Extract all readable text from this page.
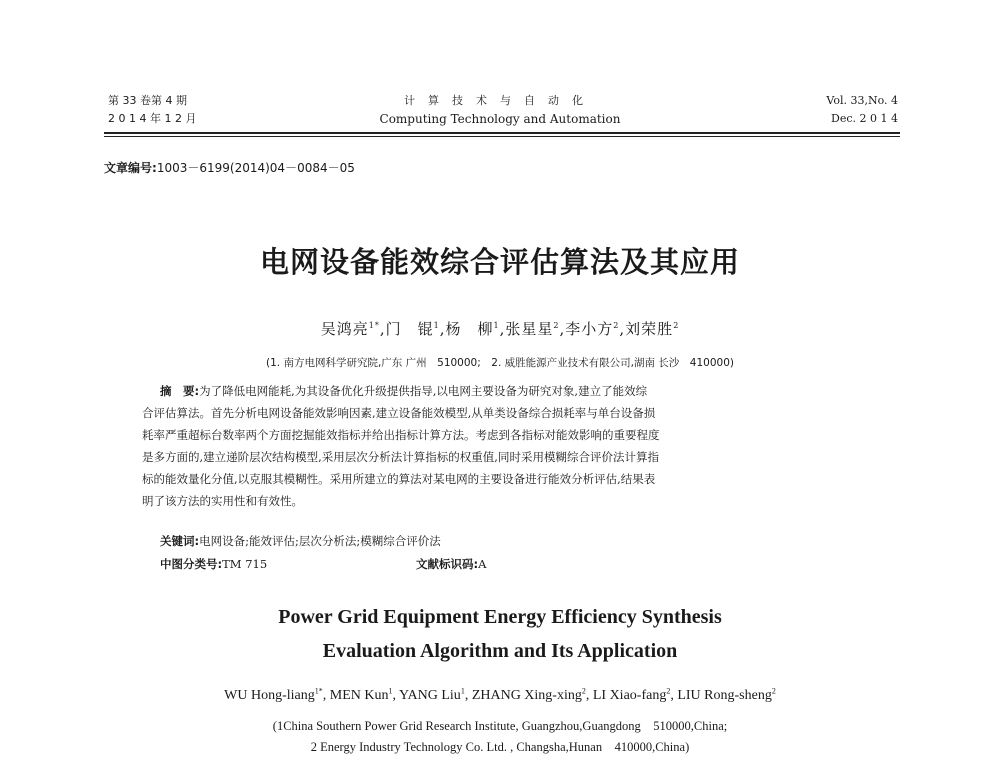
第 33 卷第 4 期
2 0 1 4 年 1 2 月
计算技术与自动化
Computing Technology and Automation
Vol. 33,No. 4
Dec. 2 0 1 4
文章编号:1003－6199(2014)04－0084－05
电网设备能效综合评估算法及其应用
吴鸿亮$^{1*}$,门　锟$^1$,杨　柳$^1$,张星星$^2$,李小方$^2$,刘荣胜$^2$
(1. 南方电网科学研究院,广东 广州　510000;　2. 威胜能源产业技术有限公司,湖南 长沙　410000)
摘　要:为了降低电网能耗,为其设备优化升级提供指导,以电网主要设备为研究对象,建立了能效综
合评估算法。首先分析电网设备能效影响因素,建立设备能效模型,从单类设备综合损耗率与单台设备损
耗率严重超标台数率两个方面挖掘能效指标并给出指标计算方法。考虑到各指标对能效影响的重要程度
是多方面的,建立递阶层次结构模型,采用层次分析法计算指标的权重值,同时采用模糊综合评价法计算指
标的能效量化分值,以克服其模糊性。采用所建立的算法对某电网的主要设备进行能效分析评估,结果表
明了该方法的实用性和有效性。
关键词:电网设备;能效评估;层次分析法;模糊综合评价法
中图分类号:TM 715	文献标识码:A
Power Grid Equipment Energy Efficiency Synthesis
Evaluation Algorithm and Its Application
WU Hong-liang$^{1*}$, MEN Kun$^1$, YANG Liu$^1$, ZHANG Xing-xing$^2$, LI Xiao-fang$^2$, LIU Rong-sheng$^2$
(1China Southern Power Grid Research Institute, Guangzhou,Guangdong　510000,China;
2 Energy Industry Technology Co. Ltd. , Changsha,Hunan　410000,China)
